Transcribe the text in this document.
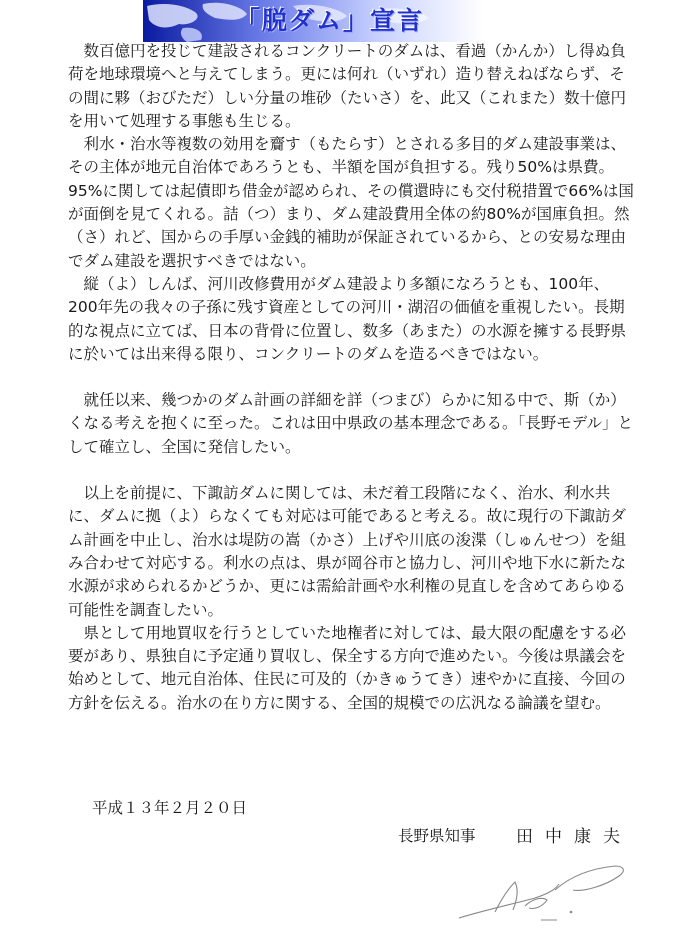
「脱ダム」宣言

数百億円を投じて建設されるコンクリートのダムは、看過（かんか）し得ぬ負荷を地球環境へと与えてしまう。更には何れ（いずれ）造り替えねばならず、その間に夥（おびただ）しい分量の堆砂（たいさ）を、此又（これまた）数十億円を用いて処理する事態も生じる。

利水・治水等複数の効用を齎す（もたらす）とされる多目的ダム建設事業は、その主体が地元自治体であろうとも、半額を国が負担する。残り50%は県費。95%に関しては起債即ち借金が認められ、その償還時にも交付税措置で66%は国が面倒を見てくれる。詰（つ）まり、ダム建設費用全体の約80%が国庫負担。然（さ）れど、国からの手厚い金銭的補助が保証されているから、との安易な理由でダム建設を選択すべきではない。

縦（よ）しんば、河川改修費用がダム建設より多額になろうとも、100年、200年先の我々の子孫に残す資産としての河川・湖沼の価値を重視したい。長期的な視点に立てば、日本の背骨に位置し、数多（あまた）の水源を擁する長野県に於いては出来得る限り、コンクリートのダムを造るべきではない。

就任以来、幾つかのダム計画の詳細を詳（つまび）らかに知る中で、斯（か）くなる考えを抱くに至った。これは田中県政の基本理念である。「長野モデル」として確立し、全国に発信したい。

以上を前提に、下諏訪ダムに関しては、未だ着工段階になく、治水、利水共に、ダムに拠（よ）らなくても対応は可能であると考える。故に現行の下諏訪ダム計画を中止し、治水は堤防の嵩（かさ）上げや川底の浚渫（しゅんせつ）を組み合わせて対応する。利水の点は、県が岡谷市と協力し、河川や地下水に新たな水源が求められるかどうか、更には需給計画や水利権の見直しを含めてあらゆる可能性を調査したい。

県として用地買収を行うとしていた地権者に対しては、最大限の配慮をする必要があり、県独自に予定通り買収し、保全する方向で進めたい。今後は県議会を始めとして、地元自治体、住民に可及的（かきゅうてき）速やかに直接、今回の方針を伝える。治水の在り方に関する、全国的規模での広汎なる論議を望む。

平成１３年２月２０日
長野県知事 田中康夫
